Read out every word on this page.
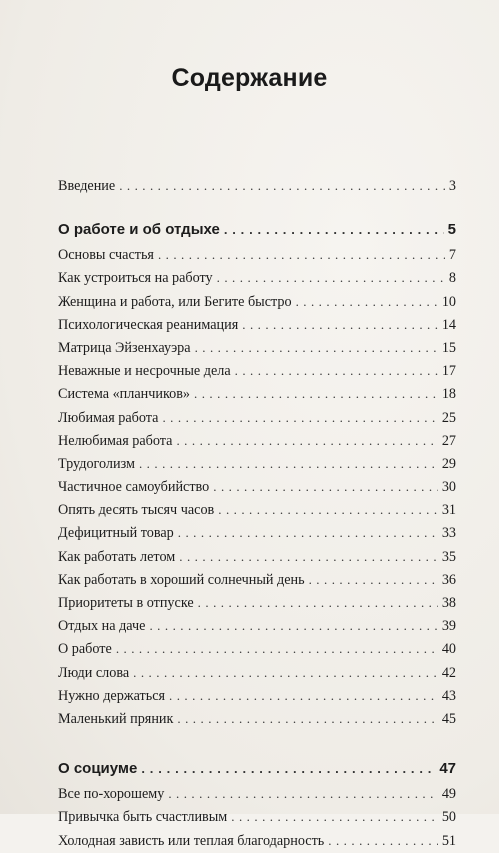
Содержание
Введение . . .	3
О работе и об отдыхе . . .	5
Основы счастья . . .	7
Как устроиться на работу . . .	8
Женщина и работа, или Бегите быстро . . .	10
Психологическая реанимация . . .	14
Матрица Эйзенхауэра . . .	15
Неважные и несрочные дела . . .	17
Система «планчиков» . . .	18
Любимая работа . . .	25
Нелюбимая работа . . .	27
Трудоголизм . . .	29
Частичное самоубийство . . .	30
Опять десять тысяч часов . . .	31
Дефицитный товар . . .	33
Как работать летом . . .	35
Как работать в хороший солнечный день . . .	36
Приоритеты в отпуске . . .	38
Отдых на даче . . .	39
О работе . . .	40
Люди слова . . .	42
Нужно держаться . . .	43
Маленький пряник . . .	45
О социуме . . .	47
Все по-хорошему . . .	49
Привычка быть счастливым . . .	50
Холодная зависть или теплая благодарность . . .	51
